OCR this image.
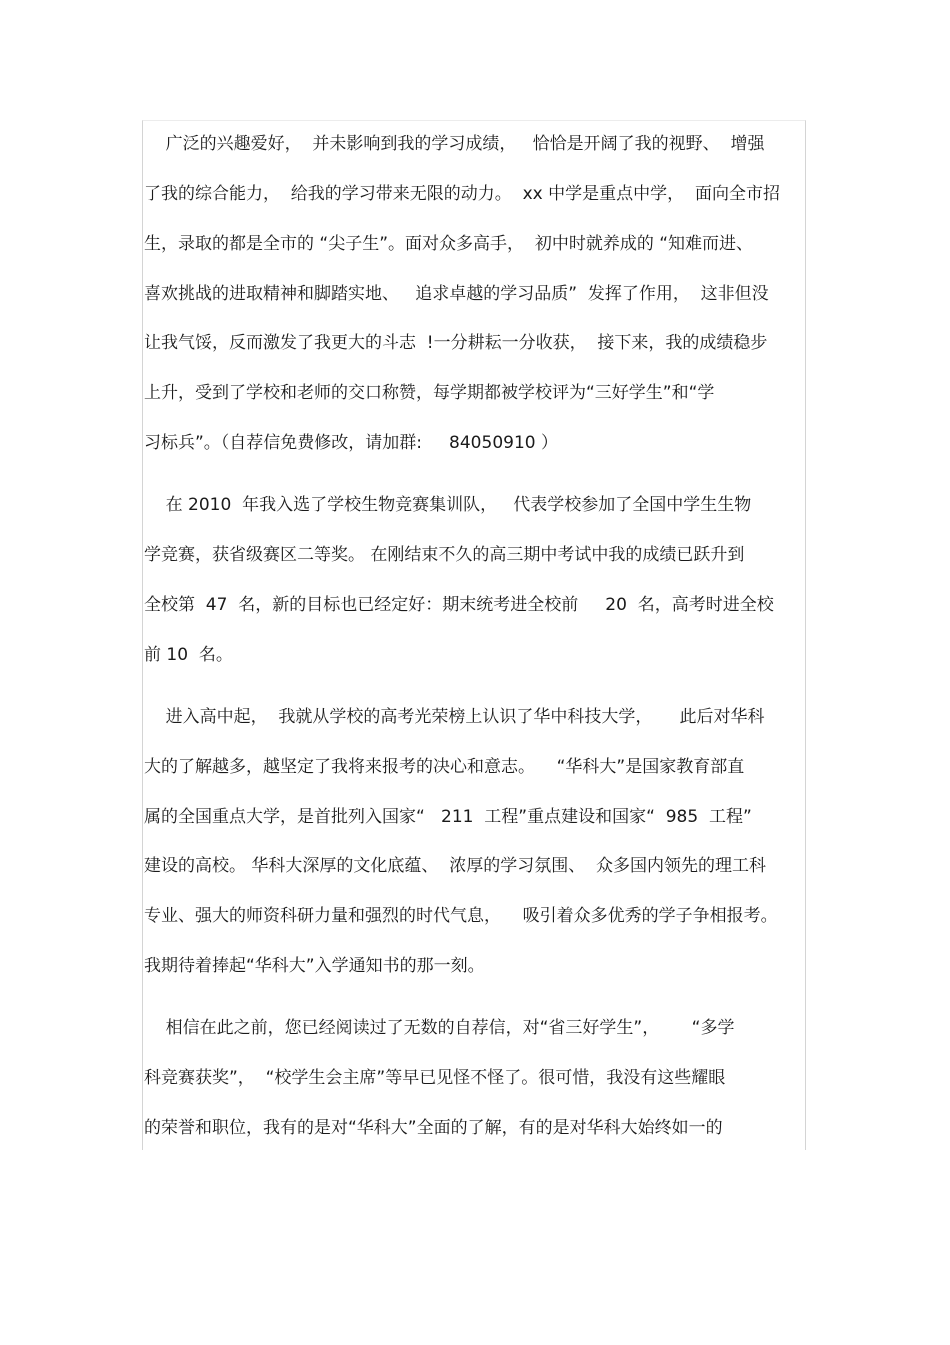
广泛的兴趣爱好，  并未影响到我的学习成绩，   恰恰是开阔了我的视野、  增强
了我的综合能力，  给我的学习带来无限的动力。  xx 中学是重点中学，  面向全市招
生，录取的都是全市的 “尖子生”。面对众多高手，  初中时就养成的 “知难而进、
喜欢挑战的进取精神和脚踏实地、   追求卓越的学习品质”  发挥了作用，  这非但没
让我气馁，反而激发了我更大的斗志  !一分耕耘一分收获，  接下来，我的成绩稳步
上升，受到了学校和老师的交口称赞，每学期都被学校评为“三好学生”和“学
习标兵”。（自荐信免费修改，请加群:     84050910 ）
在 2010  年我入选了学校生物竞赛集训队，   代表学校参加了全国中学生生物
学竞赛，获省级赛区二等奖。 在刚结束不久的高三期中考试中我的成绩已跃升到
全校第  47  名，新的目标也已经定好：期末统考进全校前     20  名，高考时进全校
前 10  名。
进入高中起，  我就从学校的高考光荣榜上认识了华中科技大学，     此后对华科
大的了解越多，越坚定了我将来报考的决心和意志。    “华科大”是国家教育部直
属的全国重点大学，是首批列入国家“   211  工程”重点建设和国家“  985  工程”
建设的高校。 华科大深厚的文化底蕴、  浓厚的学习氛围、  众多国内领先的理工科
专业、强大的师资科研力量和强烈的时代气息，    吸引着众多优秀的学子争相报考。
我期待着捧起“华科大”入学通知书的那一刻。
相信在此之前，您已经阅读过了无数的自荐信，对“省三好学生”，      “多学
科竞赛获奖”，  “校学生会主席”等早已见怪不怪了。很可惜，我没有这些耀眼
的荣誉和职位，我有的是对“华科大”全面的了解，有的是对华科大始终如一的
